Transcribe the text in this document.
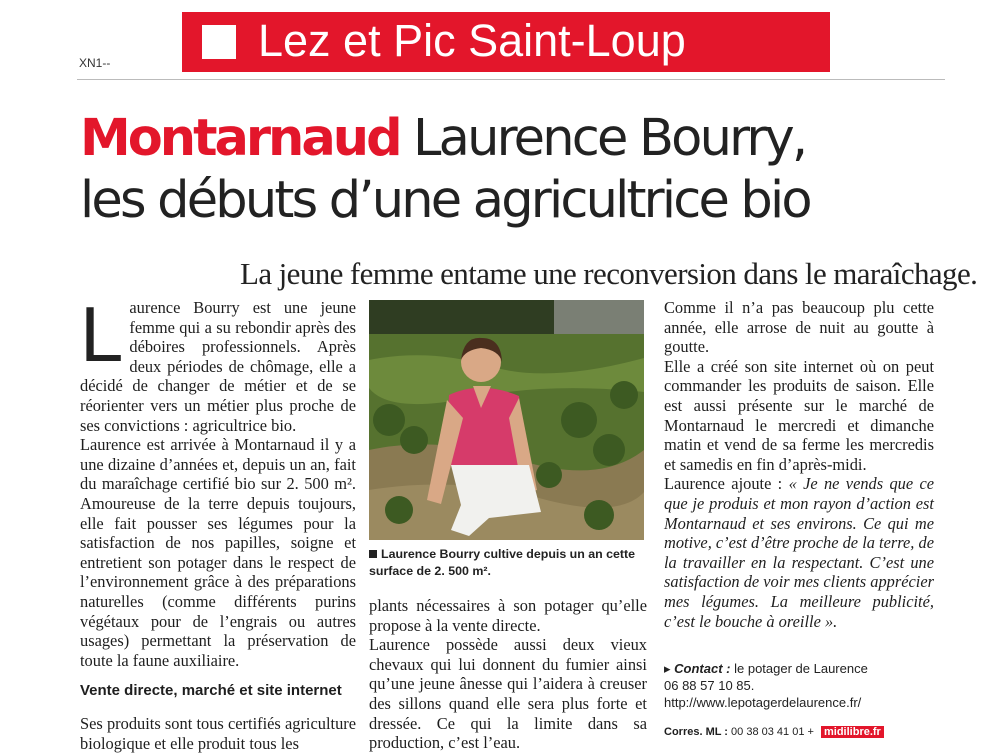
Lez et Pic Saint-Loup
XN1--
Montarnaud Laurence Bourry,
les débuts d’une agricultrice bio
La jeune femme entame une reconversion dans le maraîchage.

Laurence Bourry est une jeune femme qui a su rebondir après des déboires professionnels. Après deux périodes de chômage, elle a décidé de changer de métier et de se réorienter vers un métier plus proche de ses convictions : agricultrice bio.

Laurence est arrivée à Montarnaud il y a une dizaine d’années et, depuis un an, fait du maraîchage certifié bio sur 2. 500 m². Amoureuse de la terre depuis toujours, elle fait pousser ses légumes pour la satisfaction de nos papilles, soigne et entretient son potager dans le respect de l’environnement grâce à des préparations naturelles (comme différents purins végétaux pour de l’engrais ou autres usages) permettant la préservation de toute la faune auxiliaire.

Vente directe, marché et site internet

Ses produits sont tous certifiés agriculture biologique et elle produit tous les

Laurence Bourry cultive depuis un an cette surface de 2. 500 m².

plants nécessaires à son potager qu’elle propose à la vente directe.

Laurence possède aussi deux vieux chevaux qui lui donnent du fumier ainsi qu’une jeune ânesse qui l’aidera à creuser des sillons quand elle sera plus forte et dressée. Ce qui la limite dans sa production, c’est l’eau.

Comme il n’a pas beaucoup plu cette année, elle arrose de nuit au goutte à goutte.

Elle a créé son site internet où on peut commander les produits de saison. Elle est aussi présente sur le marché de Montarnaud le mercredi et dimanche matin et vend de sa ferme les mercredis et samedis en fin d’après-midi.

Laurence ajoute : « Je ne vends que ce que je produis et mon rayon d’action est Montarnaud et ses environs. Ce qui me motive, c’est d’être proche de la terre, de la travailler en la respectant. C’est une satisfaction de voir mes clients apprécier mes légumes. La meilleure publicité, c’est le bouche à oreille ».

▸ Contact : le potager de Laurence
06 88 57 10 85.
http://www.lepotagerdelaurence.fr/
Corres. ML : 00 38 03 41 01 + midilibre.fr
